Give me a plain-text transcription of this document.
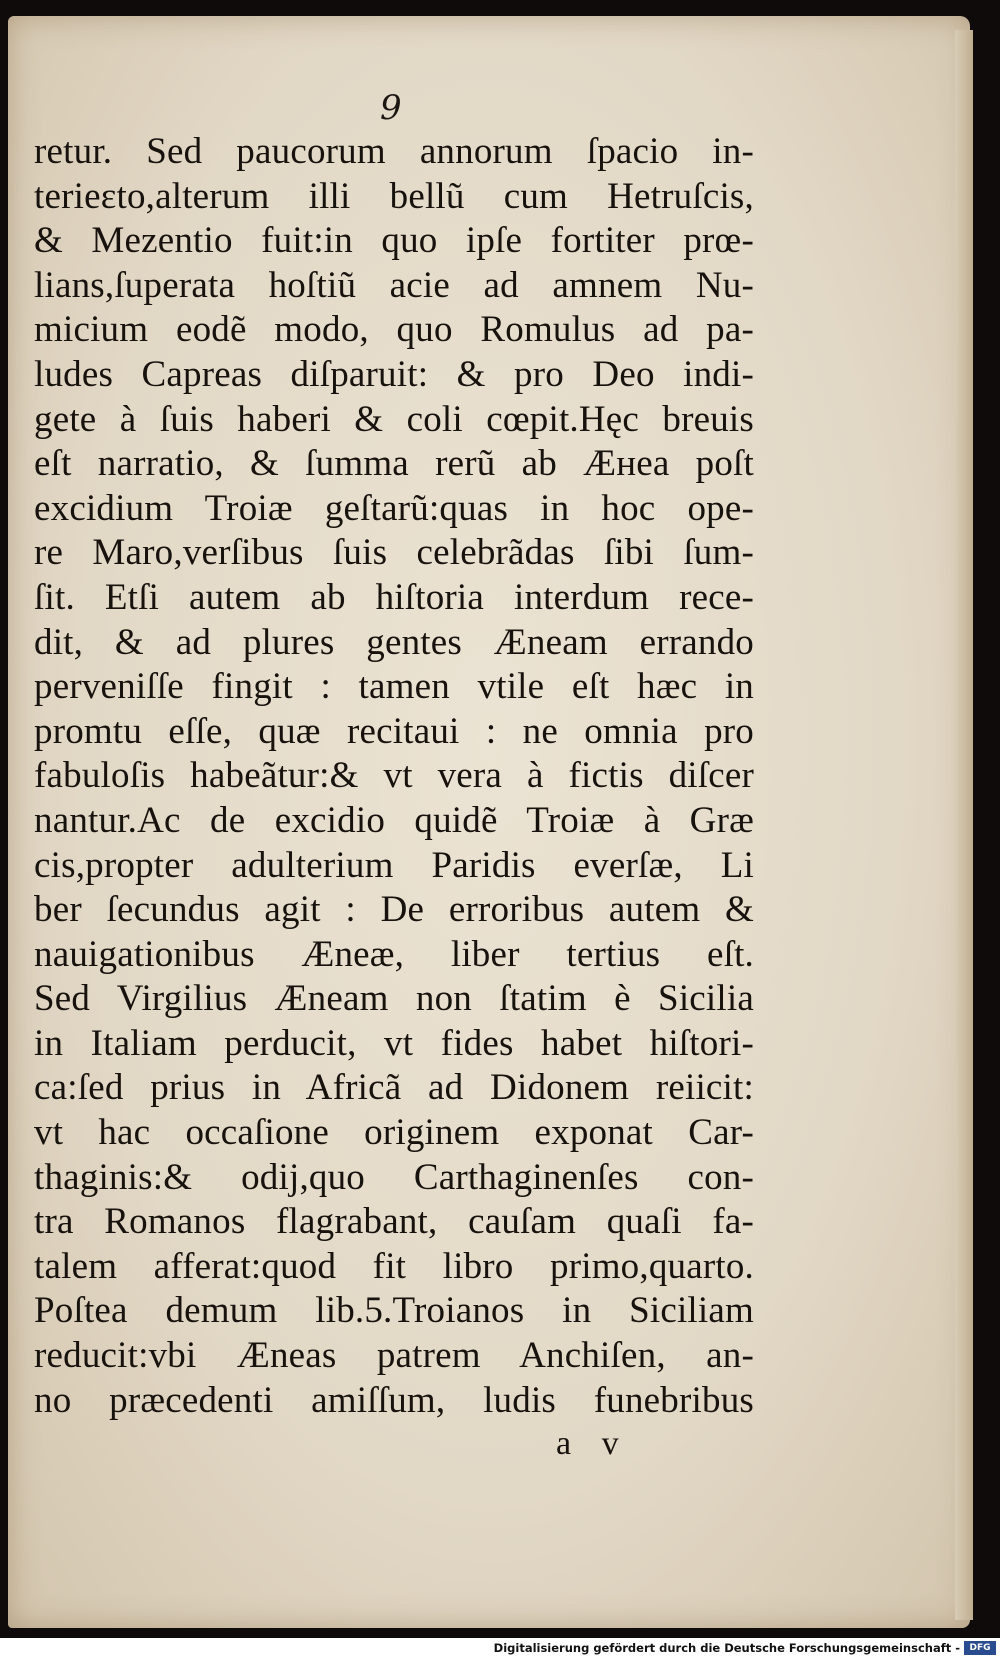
9
retur. Sed paucorum annorum ſpacio in-
terieɛto,alterum illi bellũ cum Hetruſcis,
& Mezentio fuit:in quo ipſe fortiter prœ-
lians,ſuperata hoſtiũ acie ad amnem Nu-
micium eodẽ modo, quo Romulus ad pa-
ludes Capreas diſparuit: & pro Deo indi-
gete à ſuis haberi & coli cœpit.Hęc breuis
eſt narratio, & ſumma rerũ ab Æнea poſt
excidium Troiæ geſtarũ:quas in hoc ope-
re Maro,verſibus ſuis celebrãdas ſibi ſum-
ſit. Etſi autem ab hiſtoria interdum rece-
dit, & ad plures gentes Æneam errando
perveniſſe fingit : tamen vtile eſt hæc in
promtu eſſe, quæ recitaui : ne omnia pro
fabuloſis habeãtur:& vt vera à fictis diſcer
nantur.Ac de excidio quidẽ Troiæ à Græ
cis,propter adulterium Paridis everſæ, Li
ber ſecundus agit : De erroribus autem &
nauigationibus Æneæ, liber tertius eſt.
Sed Virgilius Æneam non ſtatim è Sicilia
in Italiam perducit, vt fides habet hiſtori-
ca:ſed prius in Africã ad Didonem reiicit:
vt hac occaſione originem exponat Car-
thaginis:& odij,quo Carthaginenſes con-
tra Romanos flagrabant, cauſam quaſi fa-
talem afferat:quod fit libro primo,quarto.
Poſtea demum lib.5.Troianos in Siciliam
reducit:vbi Æneas patrem Anchiſen, an-
no præcedenti amiſſum, ludis funebribus
a v
Digitalisierung gefördert durch die Deutsche Forschungsgemeinschaft -	DFG
